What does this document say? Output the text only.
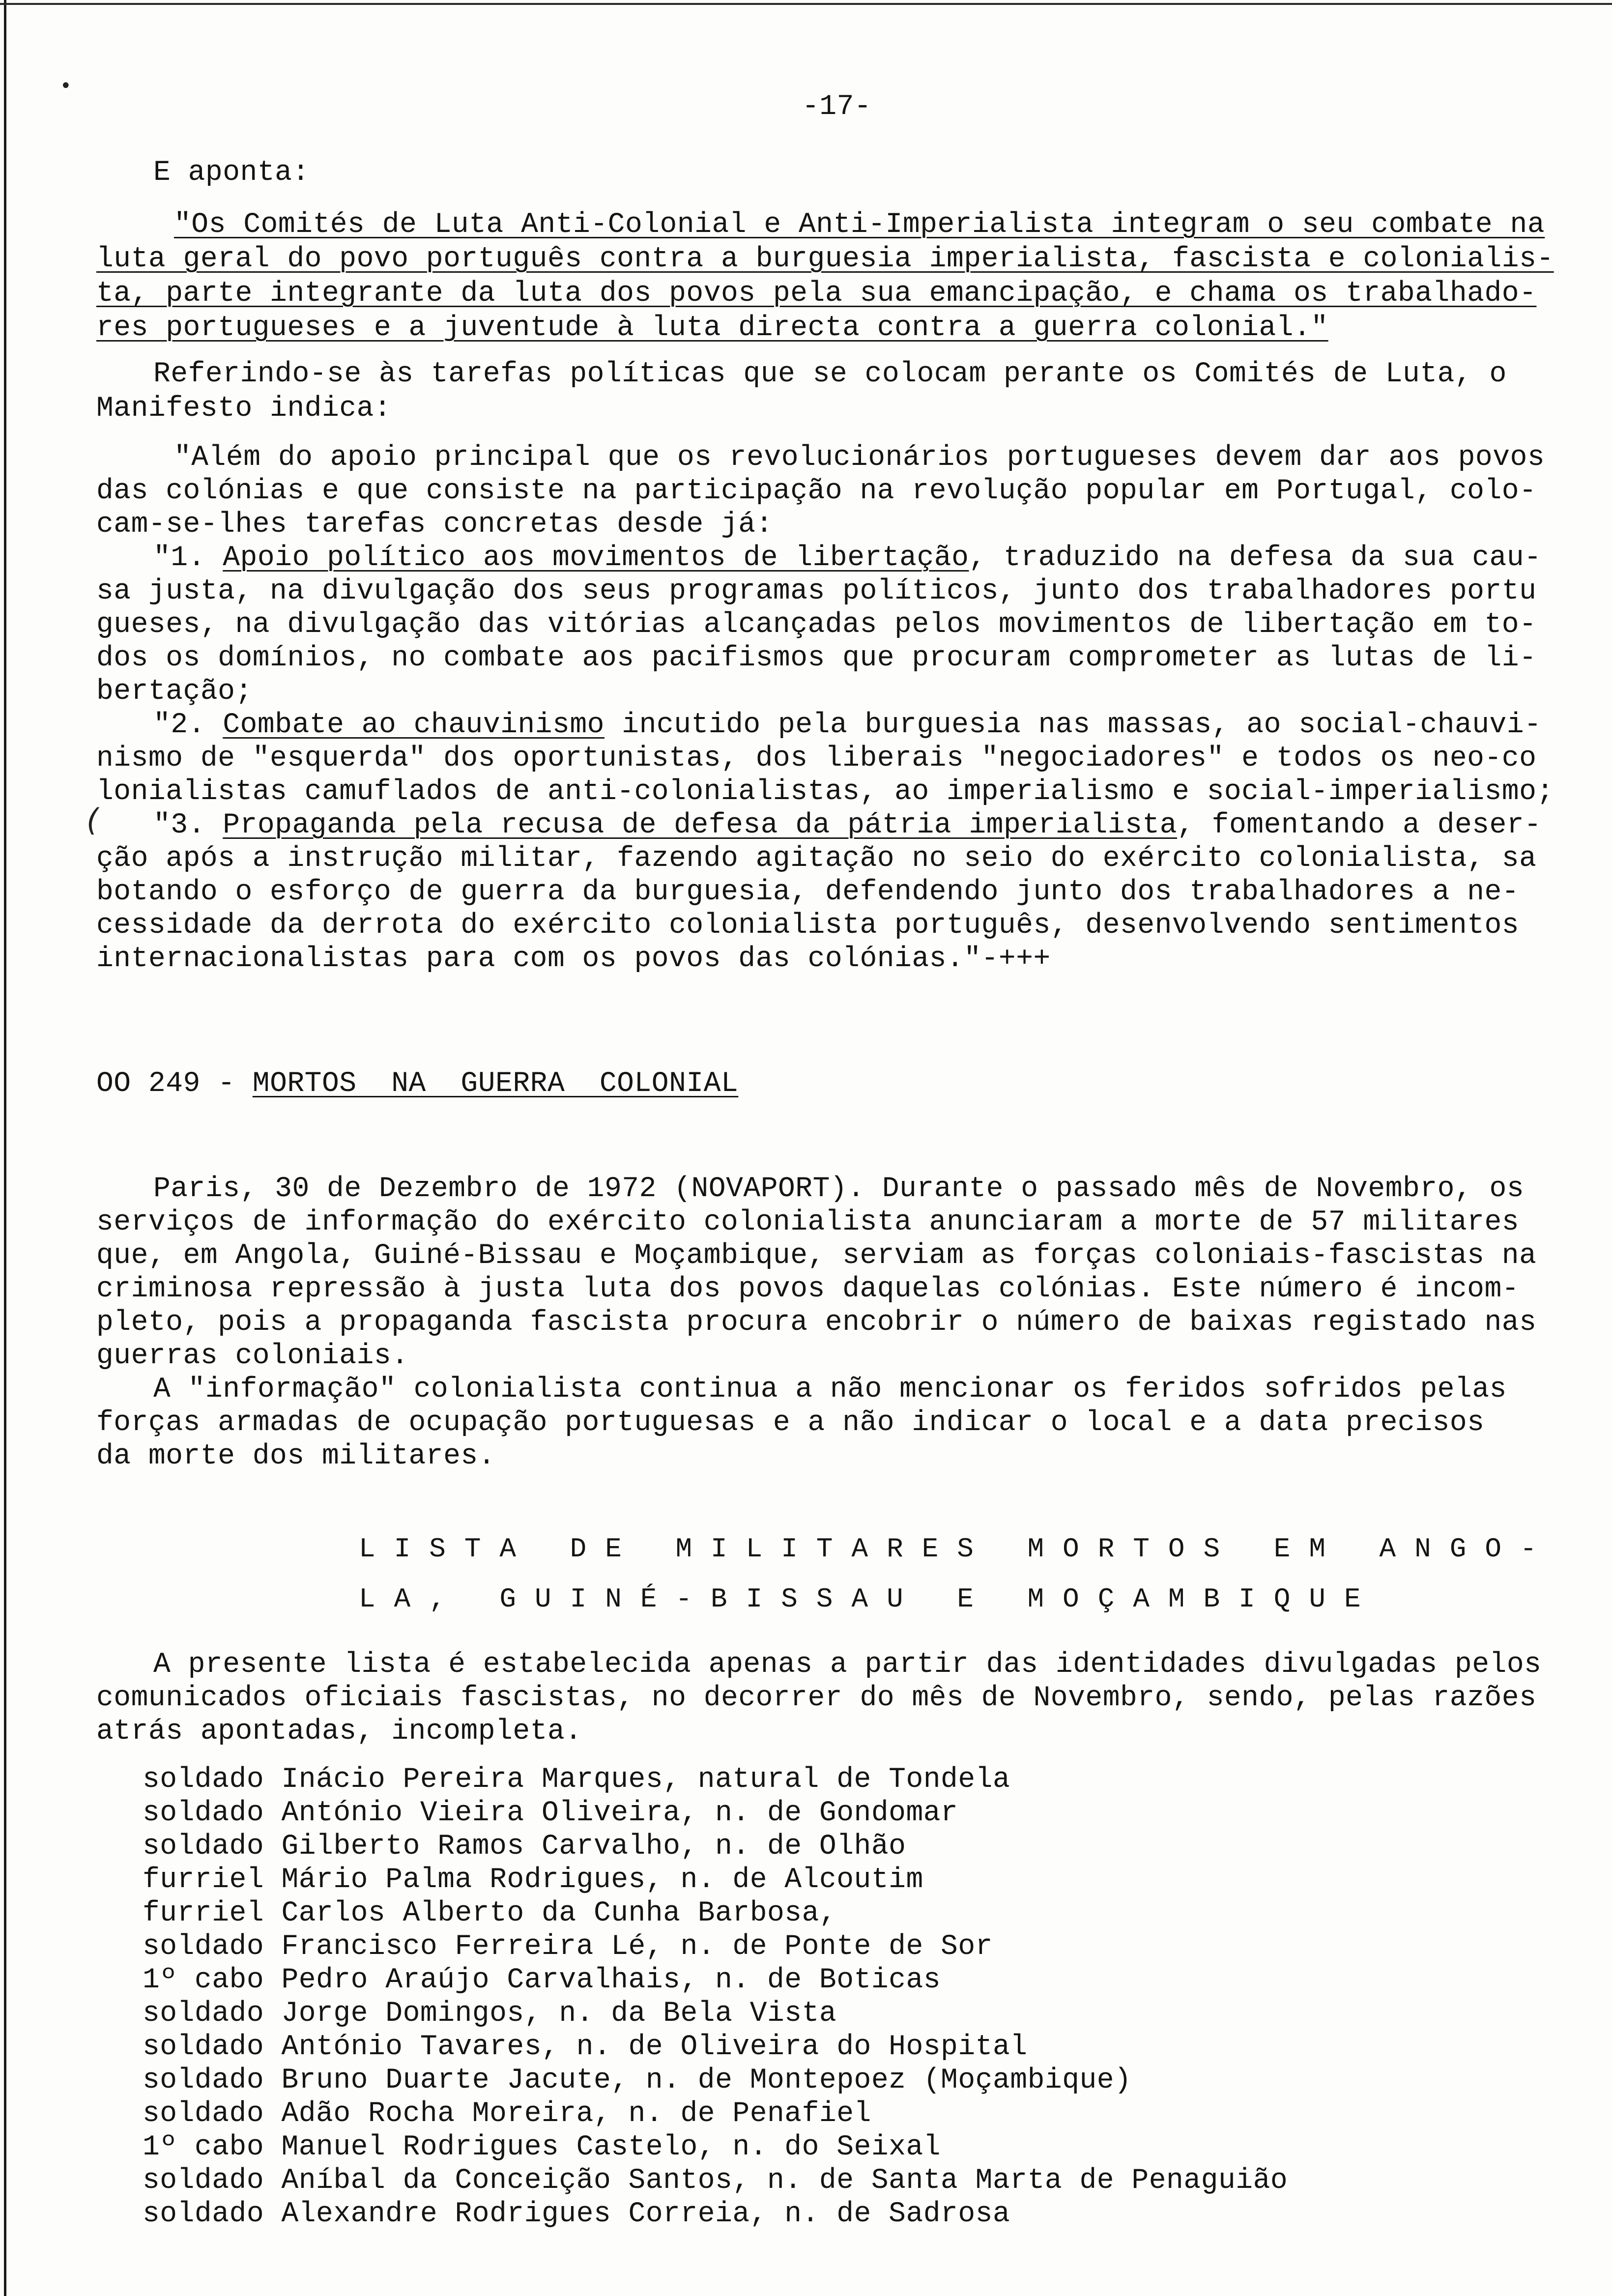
•
(
-17-
E aponta:
"Os Comités de Luta Anti-Colonial e Anti-Imperialista integram o seu combate na
luta geral do povo português contra a burguesia imperialista, fascista e colonialis-
ta, parte integrante da luta dos povos pela sua emancipação, e chama os trabalhado-
res portugueses e a juventude à luta directa contra a guerra colonial."
Referindo-se às tarefas políticas que se colocam perante os Comités de Luta, o
Manifesto indica:
"Além do apoio principal que os revolucionários portugueses devem dar aos povos
das colónias e que consiste na participação na revolução popular em Portugal, colo-
cam-se-lhes tarefas concretas desde já:
"1. Apoio político aos movimentos de libertação, traduzido na defesa da sua cau-
sa justa, na divulgação dos seus programas políticos, junto dos trabalhadores portu
gueses, na divulgação das vitórias alcançadas pelos movimentos de libertação em to-
dos os domínios, no combate aos pacifismos que procuram comprometer as lutas de li-
bertação;
"2. Combate ao chauvinismo incutido pela burguesia nas massas, ao social-chauvi-
nismo de "esquerda" dos oportunistas, dos liberais "negociadores" e todos os neo-co
lonialistas camuflados de anti-colonialistas, ao imperialismo e social-imperialismo;
"3. Propaganda pela recusa de defesa da pátria imperialista, fomentando a deser-
ção após a instrução militar, fazendo agitação no seio do exército colonialista, sa
botando o esforço de guerra da burguesia, defendendo junto dos trabalhadores a ne-
cessidade da derrota do exército colonialista português, desenvolvendo sentimentos
internacionalistas para com os povos das colónias."-+++
OO 249 - MORTOS  NA  GUERRA  COLONIAL
Paris, 30 de Dezembro de 1972 (NOVAPORT). Durante o passado mês de Novembro, os
serviços de informação do exército colonialista anunciaram a morte de 57 militares
que, em Angola, Guiné-Bissau e Moçambique, serviam as forças coloniais-fascistas na
criminosa repressão à justa luta dos povos daquelas colónias. Este número é incom-
pleto, pois a propaganda fascista procura encobrir o número de baixas registado nas
guerras coloniais.
A "informação" colonialista continua a não mencionar os feridos sofridos pelas
forças armadas de ocupação portuguesas e a não indicar o local e a data precisos
da morte dos militares.
LISTA DE MILITARES MORTOS EM ANGO-
LA, GUINÉ-BISSAU E MOÇAMBIQUE
A presente lista é estabelecida apenas a partir das identidades divulgadas pelos
comunicados oficiais fascistas, no decorrer do mês de Novembro, sendo, pelas razões
atrás apontadas, incompleta.
soldado Inácio Pereira Marques, natural de Tondela
soldado António Vieira Oliveira, n. de Gondomar
soldado Gilberto Ramos Carvalho, n. de Olhão
furriel Mário Palma Rodrigues, n. de Alcoutim
furriel Carlos Alberto da Cunha Barbosa,
soldado Francisco Ferreira Lé, n. de Ponte de Sor
1º cabo Pedro Araújo Carvalhais, n. de Boticas
soldado Jorge Domingos, n. da Bela Vista
soldado António Tavares, n. de Oliveira do Hospital
soldado Bruno Duarte Jacute, n. de Montepoez (Moçambique)
soldado Adão Rocha Moreira, n. de Penafiel
1º cabo Manuel Rodrigues Castelo, n. do Seixal
soldado Aníbal da Conceição Santos, n. de Santa Marta de Penaguião
soldado Alexandre Rodrigues Correia, n. de Sadrosa
